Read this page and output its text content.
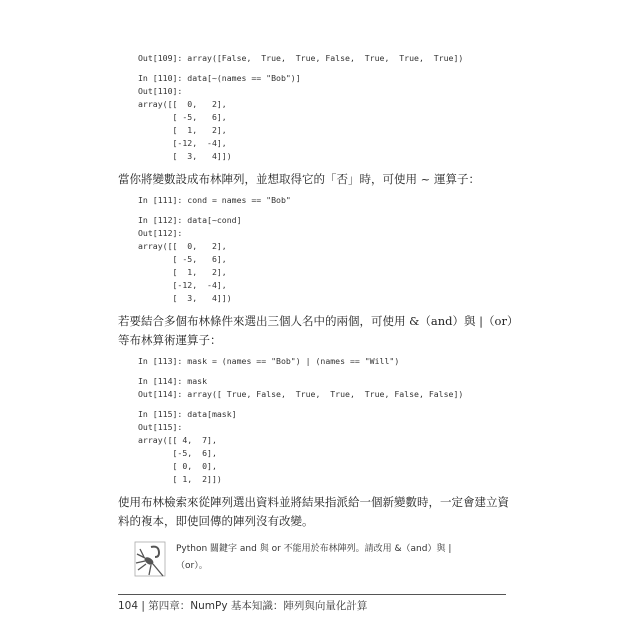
Out[109]: array([False,  True,  True, False,  True,  True,  True])
In [110]: data[~(names == "Bob")]
Out[110]:
array([[  0,   2],
[ -5,   6],
[  1,   2],
[-12,  -4],
[  3,   4]])

當你將變數設成布林陣列，並想取得它的「否」時，可使用 ~ 運算子：

In [111]: cond = names == "Bob"
In [112]: data[~cond]
Out[112]:
array([[  0,   2],
[ -5,   6],
[  1,   2],
[-12,  -4],
[  3,   4]])

若要結合多個布林條件來選出三個人名中的兩個，可使用 &（and）與 |（or）等布林算術運算子：

In [113]: mask = (names == "Bob") | (names == "Will")
In [114]: mask
Out[114]: array([ True, False,  True,  True,  True, False, False])
In [115]: data[mask]
Out[115]:
array([[ 4,  7],
[-5,  6],
[ 0,  0],
[ 1,  2]])

使用布林檢索來從陣列選出資料並將結果指派給一個新變數時，一定會建立資料的複本，即使回傳的陣列沒有改變。

Python 關鍵字 and 與 or 不能用於布林陣列。請改用 &（and）與 |（or）。
104 | 第四章：NumPy 基本知識：陣列與向量化計算
